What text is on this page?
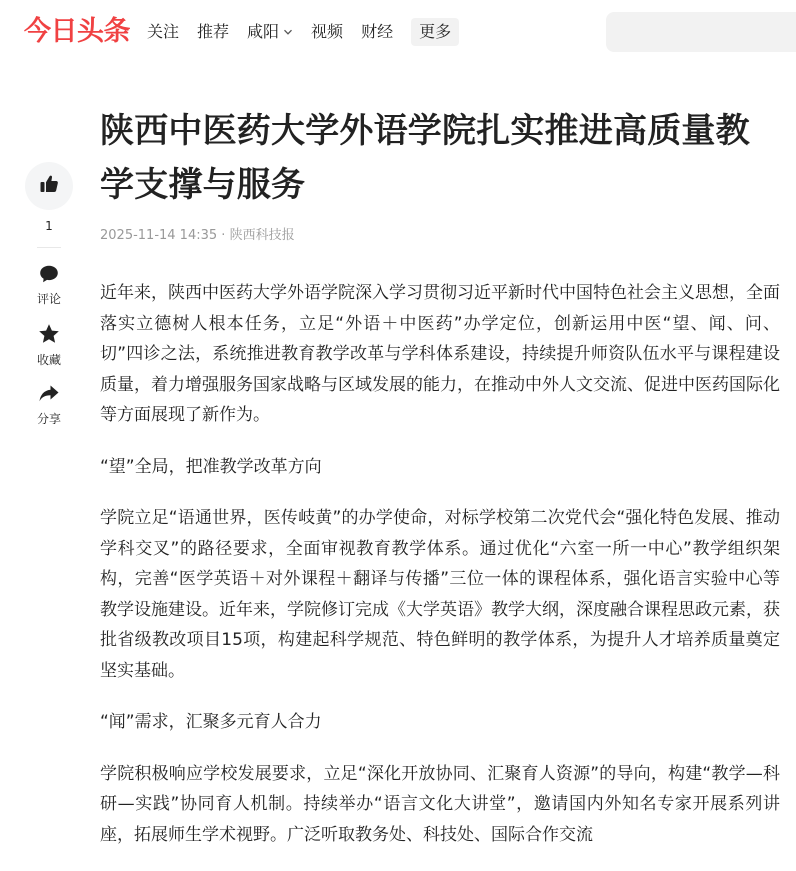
今日头条 关注 推荐 咸阳 视频 财经	更多
1
评论
收藏
分享
陕西中医药大学外语学院扎实推进高质量教学支撑与服务
2025-11-14 14:35 · 陕西科技报

近年来，陕西中医药大学外语学院深入学习贯彻习近平新时代中国特色社会主义思想，全面落实立德树人根本任务，立足“外语＋中医药”办学定位，创新运用中医“望、闻、问、切”四诊之法，系统推进教育教学改革与学科体系建设，持续提升师资队伍水平与课程建设质量，着力增强服务国家战略与区域发展的能力，在推动中外人文交流、促进中医药国际化等方面展现了新作为。

“望”全局，把准教学改革方向

学院立足“语通世界，医传岐黄”的办学使命，对标学校第二次党代会“强化特色发展、推动学科交叉”的路径要求，全面审视教育教学体系。通过优化“六室一所一中心”教学组织架构，完善“医学英语＋对外课程＋翻译与传播”三位一体的课程体系，强化语言实验中心等教学设施建设。近年来，学院修订完成《大学英语》教学大纲，深度融合课程思政元素，获批省级教改项目15项，构建起科学规范、特色鲜明的教学体系，为提升人才培养质量奠定坚实基础。

“闻”需求，汇聚多元育人合力

学院积极响应学校发展要求，立足“深化开放协同、汇聚育人资源”的导向，构建“教学—科研—实践”协同育人机制。持续举办“语言文化大讲堂”，邀请国内外知名专家开展系列讲座，拓展师生学术视野。广泛听取教务处、科技处、国际合作交流
